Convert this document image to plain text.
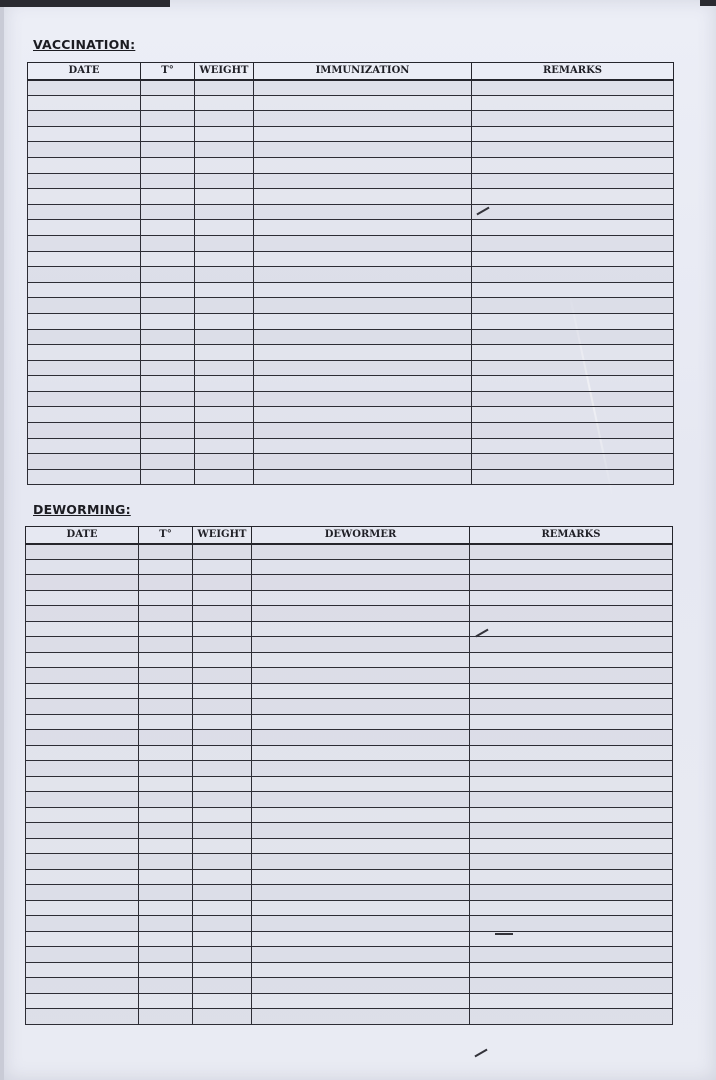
VACCINATION:
DATE	T°	WEIGHT	IMMUNIZATION	REMARKS

DEWORMING:
DATE	T°	WEIGHT	DEWORMER	REMARKS
